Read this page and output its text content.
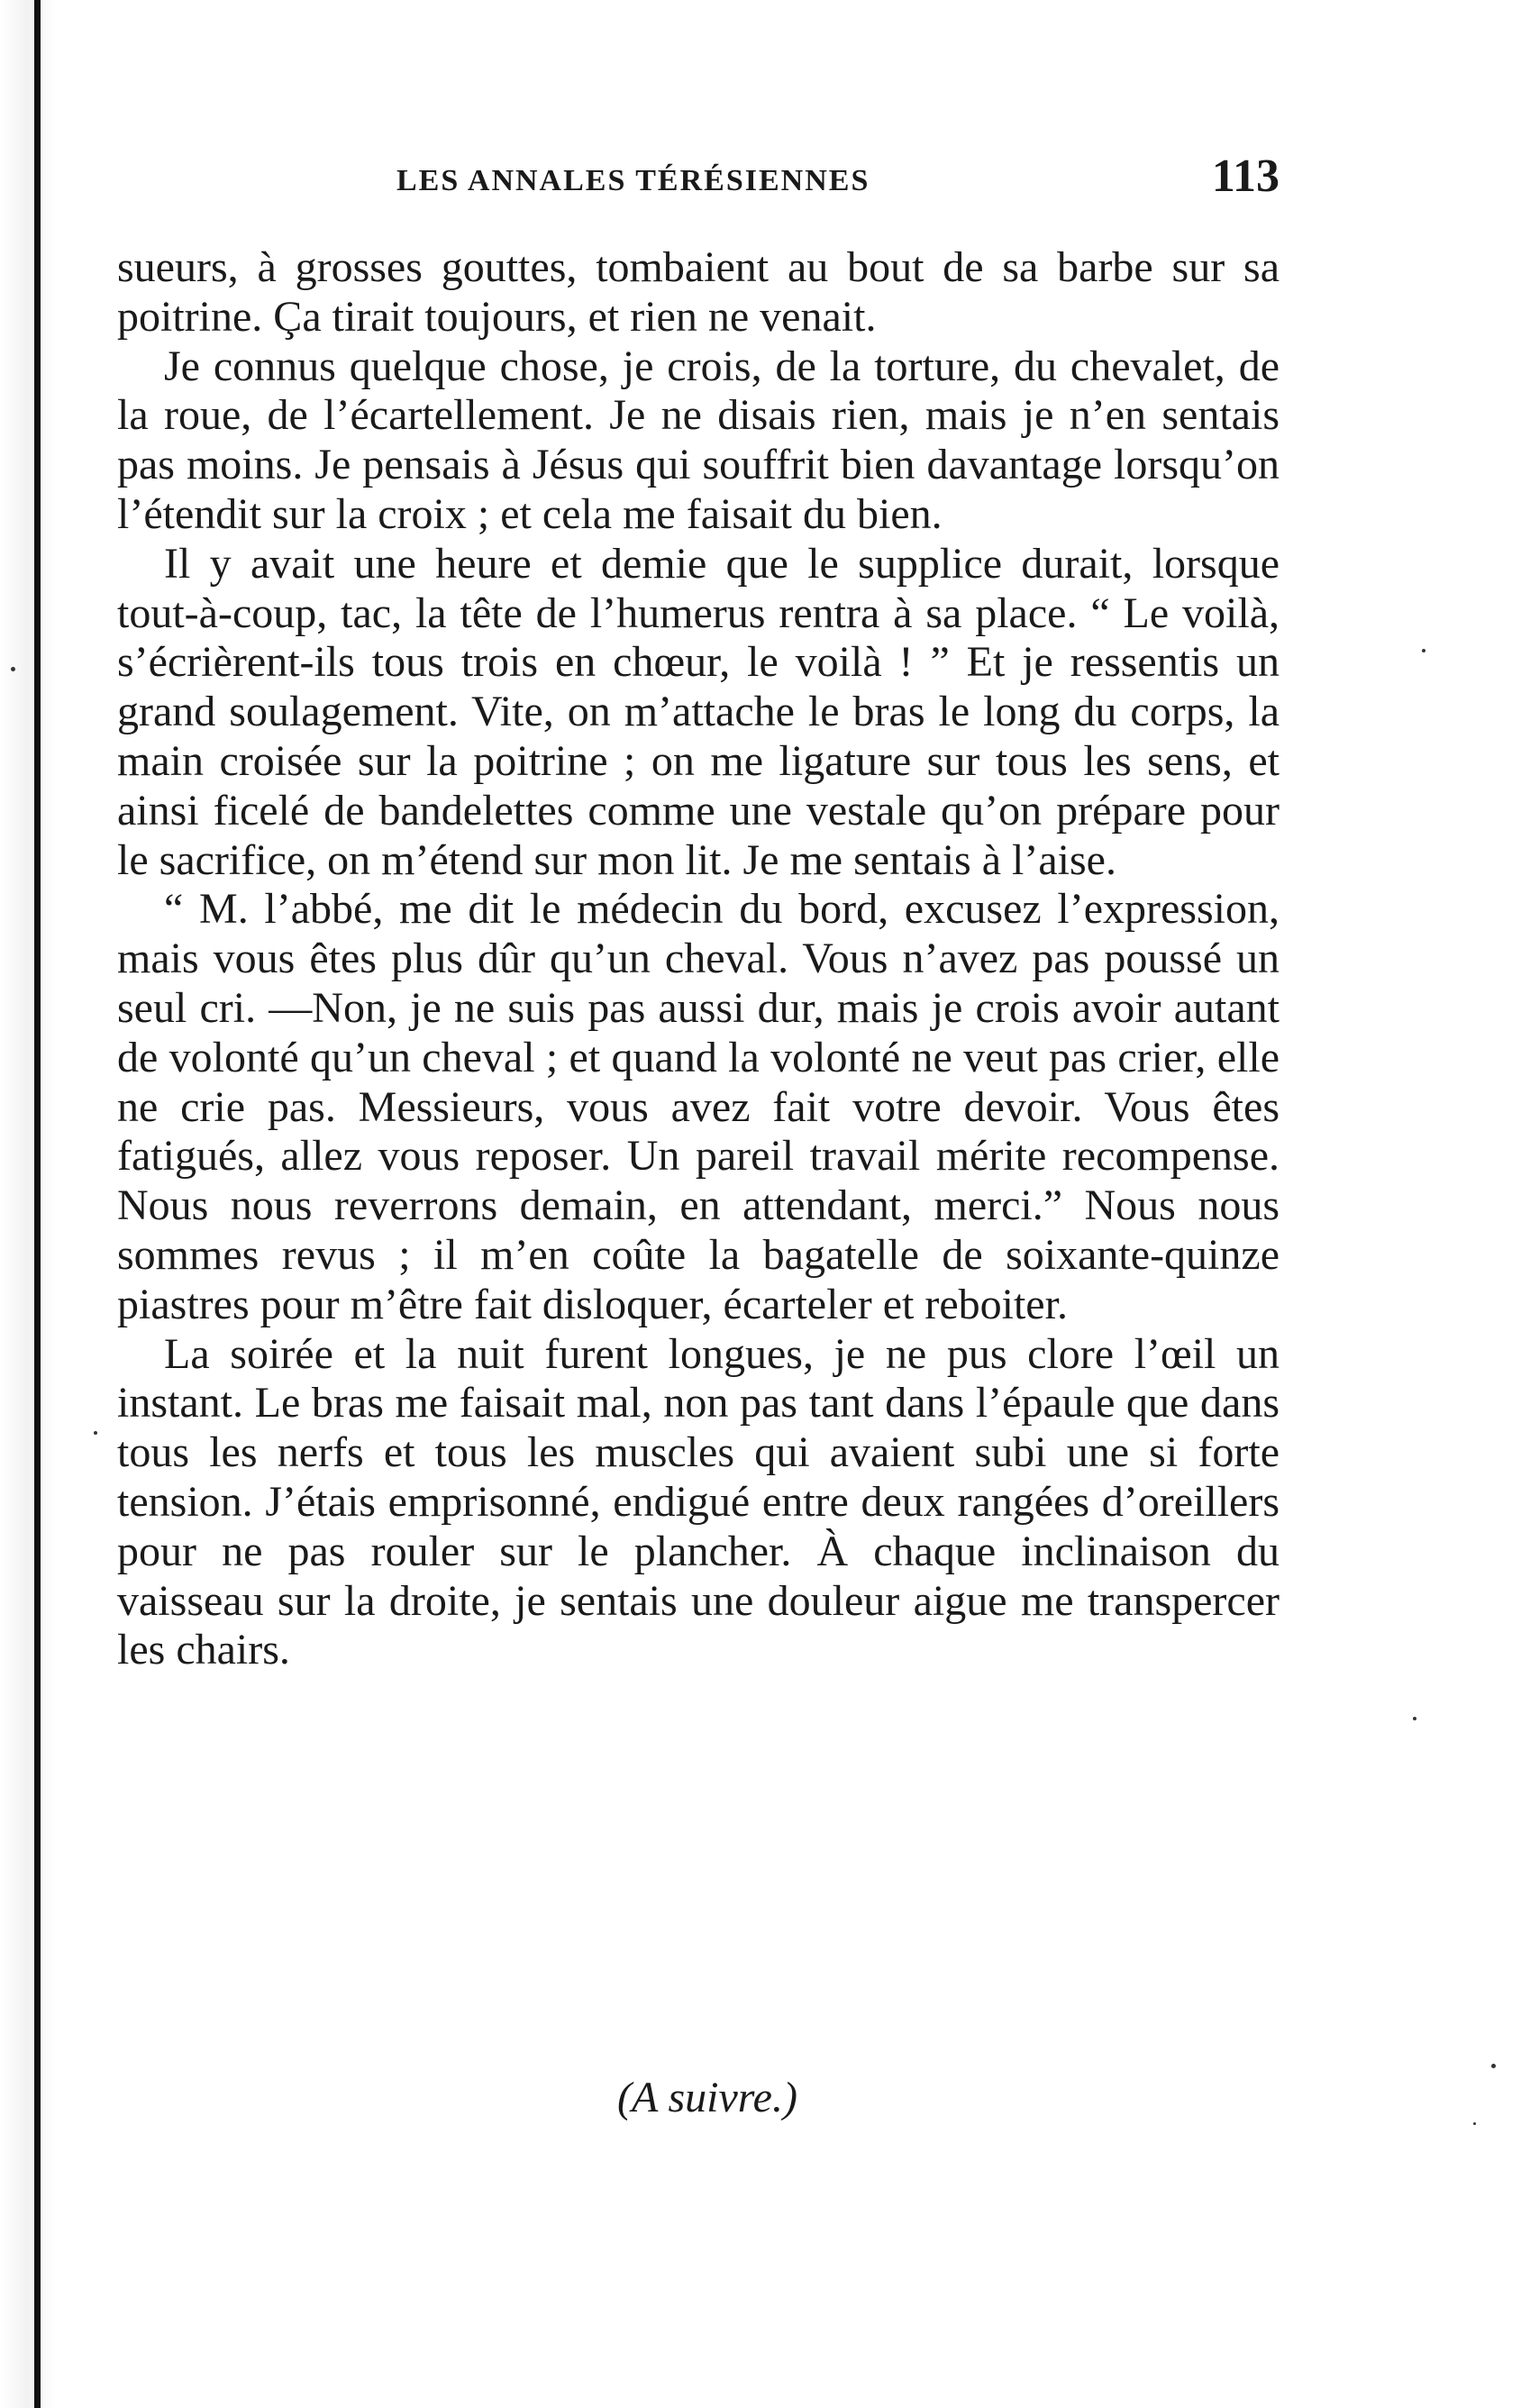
LES ANNALES TÉRÉSIENNES	113

sueurs, à grosses gouttes, tombaient au bout de sa barbe sur sa poitrine. Ça tirait toujours, et rien ne venait.

Je connus quelque chose, je crois, de la torture, du chevalet, de la roue, de l’écartellement. Je ne disais rien, mais je n’en sentais pas moins. Je pensais à Jésus qui souffrit bien davantage lorsqu’on l’étendit sur la croix ; et cela me faisait du bien.

Il y avait une heure et demie que le supplice durait, lorsque tout-à-coup, tac, la tête de l’humerus rentra à sa place. “ Le voilà, s’écrièrent-ils tous trois en chœur, le voilà ! ” Et je ressentis un grand soulagement. Vite, on m’attache le bras le long du corps, la main croisée sur la poitrine ; on me ligature sur tous les sens, et ainsi ficelé de bandelettes comme une vestale qu’on prépare pour le sacrifice, on m’étend sur mon lit. Je me sentais à l’aise.

“ M. l’abbé, me dit le médecin du bord, excusez l’expression, mais vous êtes plus dûr qu’un cheval. Vous n’avez pas poussé un seul cri. —Non, je ne suis pas aussi dur, mais je crois avoir autant de volonté qu’un cheval ; et quand la volonté ne veut pas crier, elle ne crie pas. Messieurs, vous avez fait votre devoir. Vous êtes fatigués, allez vous reposer. Un pareil travail mérite recompense. Nous nous reverrons demain, en attendant, merci.” Nous nous sommes revus ; il m’en coûte la bagatelle de soixante-quinze piastres pour m’être fait disloquer, écarteler et reboiter.

La soirée et la nuit furent longues, je ne pus clore l’œil un instant. Le bras me faisait mal, non pas tant dans l’épaule que dans tous les nerfs et tous les muscles qui avaient subi une si forte tension. J’étais emprisonné, endigué entre deux rangées d’oreillers pour ne pas rouler sur le plancher. À chaque inclinaison du vaisseau sur la droite, je sentais une douleur aigue me transpercer les chairs.

(A suivre.)
